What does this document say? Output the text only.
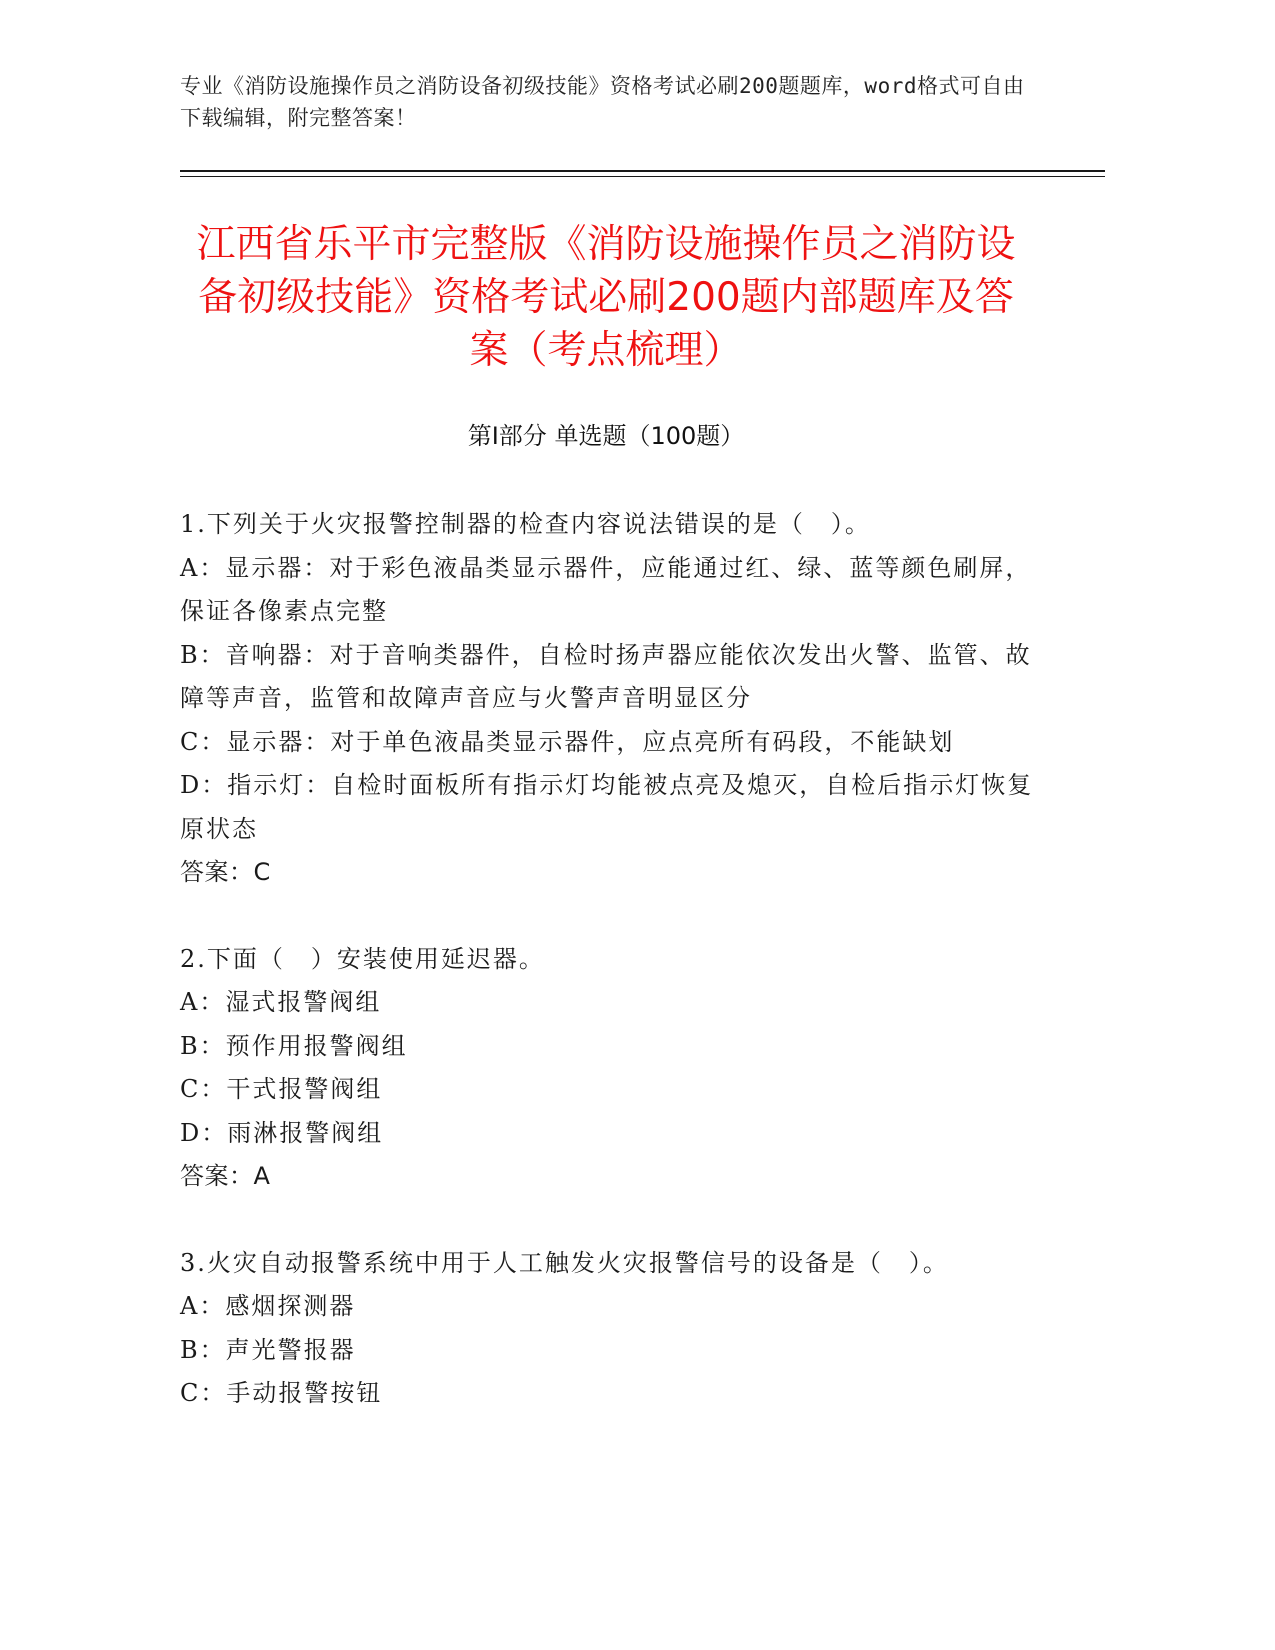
专业《消防设施操作员之消防设备初级技能》资格考试必刷200题题库，word格式可自由下载编辑，附完整答案！
江西省乐平市完整版《消防设施操作员之消防设备初级技能》资格考试必刷200题内部题库及答案（考点梳理）
第Ⅰ部分 单选题（100题）
1.下列关于火灾报警控制器的检查内容说法错误的是（　）。
A：显示器：对于彩色液晶类显示器件，应能通过红、绿、蓝等颜色刷屏，保证各像素点完整
B：音响器：对于音响类器件，自检时扬声器应能依次发出火警、监管、故障等声音，监管和故障声音应与火警声音明显区分
C：显示器：对于单色液晶类显示器件，应点亮所有码段，不能缺划
D：指示灯：自检时面板所有指示灯均能被点亮及熄灭，自检后指示灯恢复原状态
答案：C
2.下面（　）安装使用延迟器。
A：湿式报警阀组
B：预作用报警阀组
C：干式报警阀组
D：雨淋报警阀组
答案：A
3.火灾自动报警系统中用于人工触发火灾报警信号的设备是（　）。
A：感烟探测器
B：声光警报器
C：手动报警按钮
